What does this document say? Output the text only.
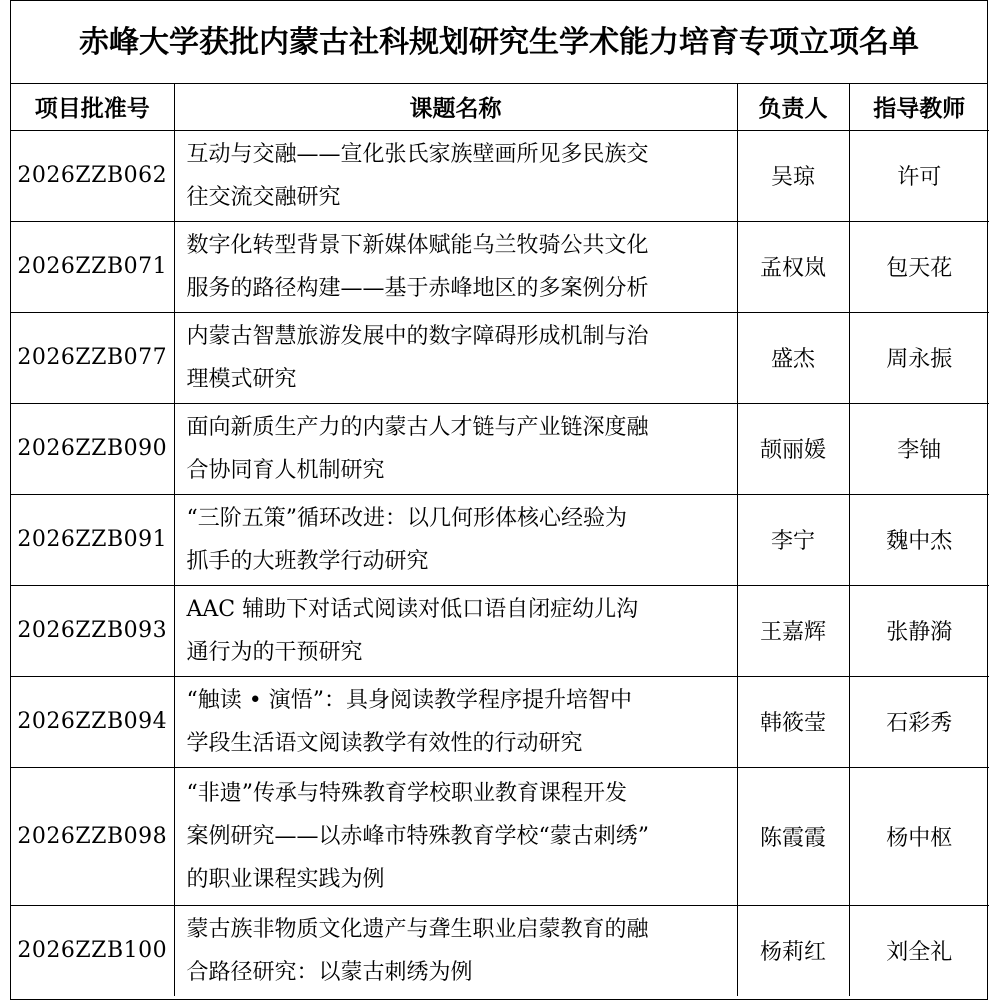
赤峰大学获批内蒙古社科规划研究生学术能力培育专项立项名单
项目批准号	课题名称	负责人	指导教师
2026ZZB062	互动与交融——宣化张氏家族壁画所见多民族交
往交流交融研究	吴琼	许可
2026ZZB071	数字化转型背景下新媒体赋能乌兰牧骑公共文化
服务的路径构建——基于赤峰地区的多案例分析	孟权岚	包天花
2026ZZB077	内蒙古智慧旅游发展中的数字障碍形成机制与治
理模式研究	盛杰	周永振
2026ZZB090	面向新质生产力的内蒙古人才链与产业链深度融
合协同育人机制研究	颉丽媛	李铀
2026ZZB091	“三阶五策”循环改进：以几何形体核心经验为
抓手的大班教学行动研究	李宁	魏中杰
2026ZZB093	AAC 辅助下对话式阅读对低口语自闭症幼儿沟
通行为的干预研究	王嘉辉	张静漪
2026ZZB094	“触读 • 演悟”：具身阅读教学程序提升培智中
学段生活语文阅读教学有效性的行动研究	韩筱莹	石彩秀
2026ZZB098	“非遗”传承与特殊教育学校职业教育课程开发
案例研究——以赤峰市特殊教育学校“蒙古刺绣”
的职业课程实践为例	陈霞霞	杨中枢
2026ZZB100	蒙古族非物质文化遗产与聋生职业启蒙教育的融
合路径研究：以蒙古刺绣为例	杨莉红	刘全礼
